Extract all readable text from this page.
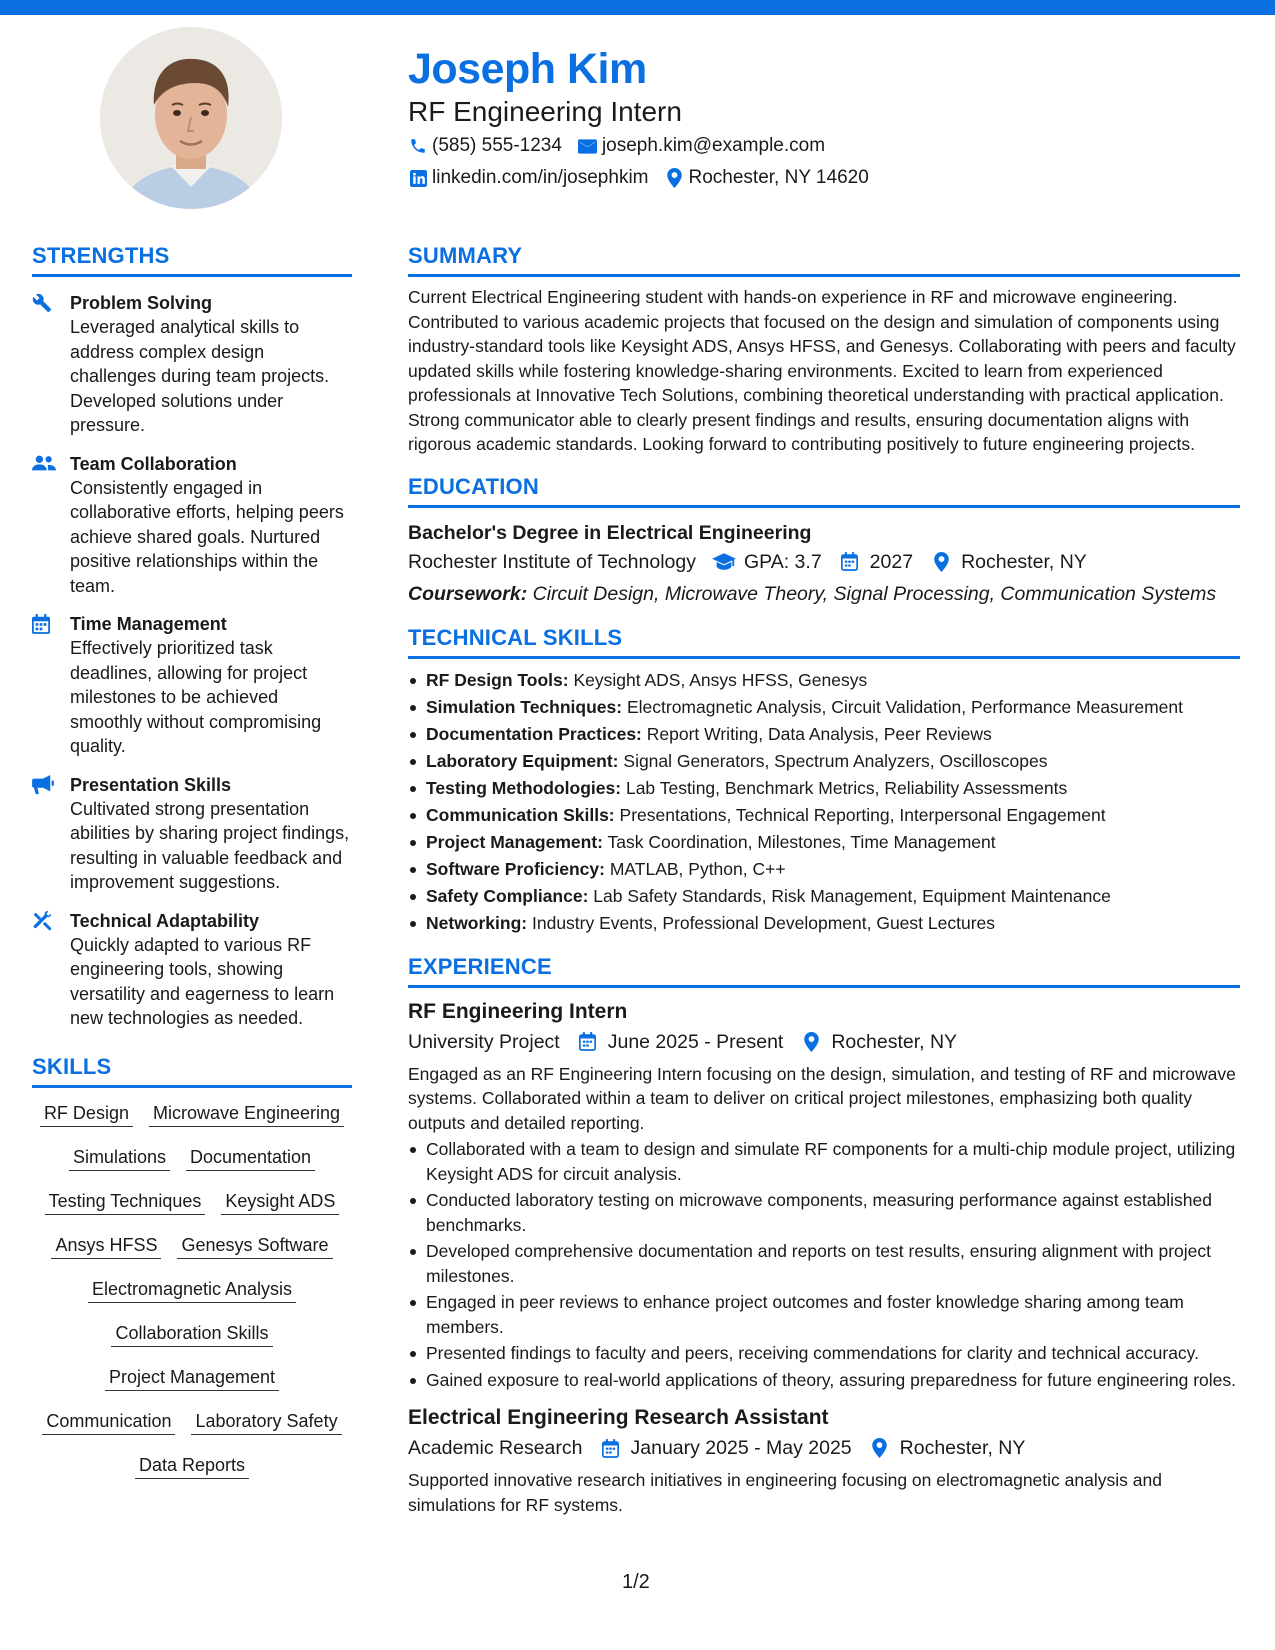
Joseph Kim
RF Engineering Intern
(585) 555-1234 joseph.kim@example.com
linkedin.com/in/josephkim Rochester, NY 14620
STRENGTHS
Problem Solving
Leveraged analytical skills to address complex design challenges during team projects. Developed solutions under pressure.
Team Collaboration
Consistently engaged in collaborative efforts, helping peers achieve shared goals. Nurtured positive relationships within the team.
Time Management
Effectively prioritized task deadlines, allowing for project milestones to be achieved smoothly without compromising quality.
Presentation Skills
Cultivated strong presentation abilities by sharing project findings, resulting in valuable feedback and improvement suggestions.
Technical Adaptability
Quickly adapted to various RF engineering tools, showing versatility and eagerness to learn new technologies as needed.
SKILLS
RF Design Microwave Engineering
Simulations Documentation
Testing Techniques Keysight ADS
Ansys HFSS Genesys Software
Electromagnetic Analysis
Collaboration Skills
Project Management
Communication Laboratory Safety
Data Reports
SUMMARY
Current Electrical Engineering student with hands-on experience in RF and microwave engineering. Contributed to various academic projects that focused on the design and simulation of components using industry-standard tools like Keysight ADS, Ansys HFSS, and Genesys. Collaborating with peers and faculty updated skills while fostering knowledge-sharing environments. Excited to learn from experienced professionals at Innovative Tech Solutions, combining theoretical understanding with practical application. Strong communicator able to clearly present findings and results, ensuring documentation aligns with rigorous academic standards. Looking forward to contributing positively to future engineering projects.
EDUCATION
Bachelor's Degree in Electrical Engineering
Rochester Institute of Technology GPA: 3.7 2027 Rochester, NY
Coursework: Circuit Design, Microwave Theory, Signal Processing, Communication Systems
TECHNICAL SKILLS
RF Design Tools: Keysight ADS, Ansys HFSS, Genesys
Simulation Techniques: Electromagnetic Analysis, Circuit Validation, Performance Measurement
Documentation Practices: Report Writing, Data Analysis, Peer Reviews
Laboratory Equipment: Signal Generators, Spectrum Analyzers, Oscilloscopes
Testing Methodologies: Lab Testing, Benchmark Metrics, Reliability Assessments
Communication Skills: Presentations, Technical Reporting, Interpersonal Engagement
Project Management: Task Coordination, Milestones, Time Management
Software Proficiency: MATLAB, Python, C++
Safety Compliance: Lab Safety Standards, Risk Management, Equipment Maintenance
Networking: Industry Events, Professional Development, Guest Lectures
EXPERIENCE
RF Engineering Intern
University Project June 2025 - Present Rochester, NY
Engaged as an RF Engineering Intern focusing on the design, simulation, and testing of RF and microwave systems. Collaborated within a team to deliver on critical project milestones, emphasizing both quality outputs and detailed reporting.
Collaborated with a team to design and simulate RF components for a multi-chip module project, utilizing Keysight ADS for circuit analysis.
Conducted laboratory testing on microwave components, measuring performance against established benchmarks.
Developed comprehensive documentation and reports on test results, ensuring alignment with project milestones.
Engaged in peer reviews to enhance project outcomes and foster knowledge sharing among team members.
Presented findings to faculty and peers, receiving commendations for clarity and technical accuracy.
Gained exposure to real-world applications of theory, assuring preparedness for future engineering roles.
Electrical Engineering Research Assistant
Academic Research January 2025 - May 2025 Rochester, NY
Supported innovative research initiatives in engineering focusing on electromagnetic analysis and simulations for RF systems.
1/2
